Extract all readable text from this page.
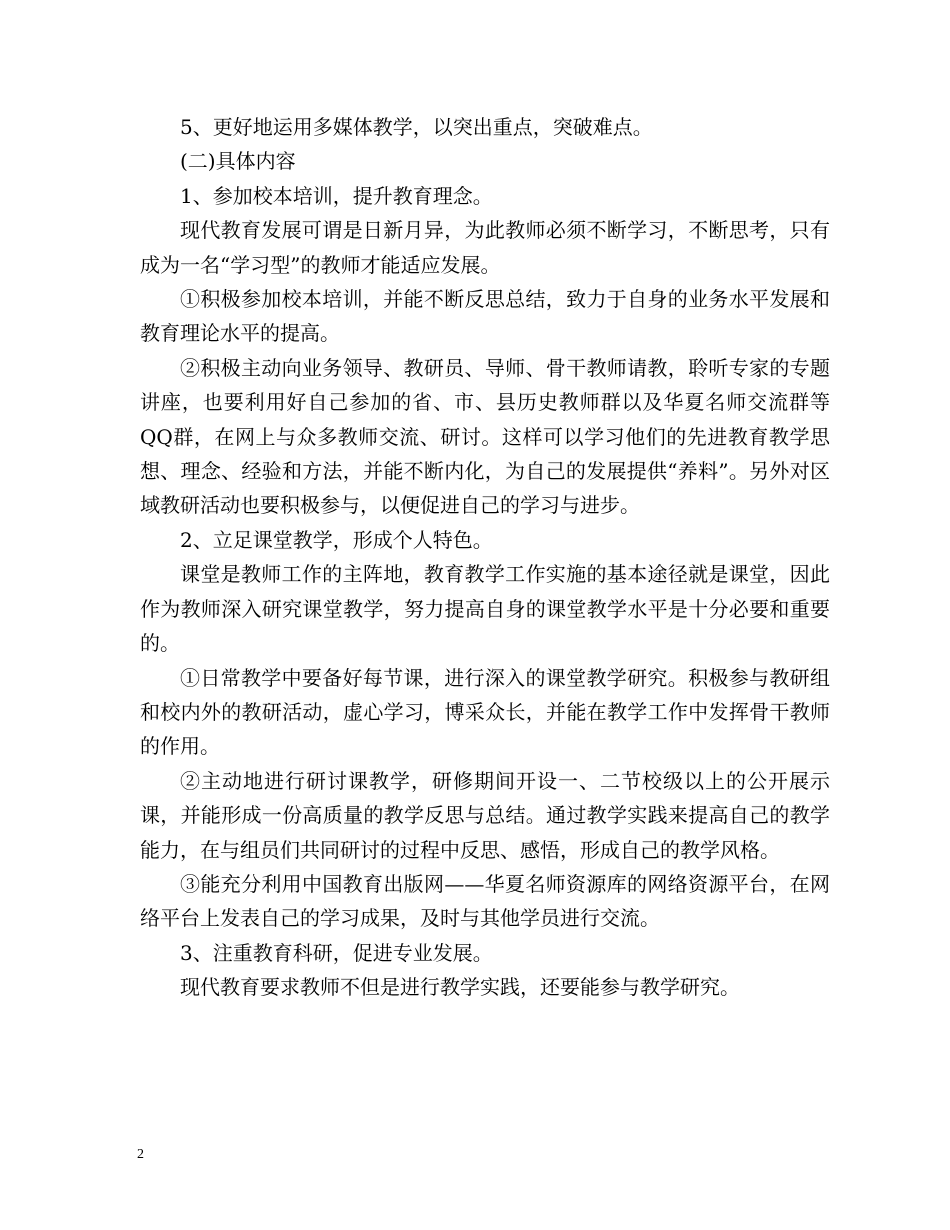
5、更好地运用多媒体教学，以突出重点，突破难点。

(二)具体内容

1、参加校本培训，提升教育理念。

现代教育发展可谓是日新月异，为此教师必须不断学习，不断思考，只有成为一名“学习型”的教师才能适应发展。

①积极参加校本培训，并能不断反思总结，致力于自身的业务水平发展和教育理论水平的提高。

②积极主动向业务领导、教研员、导师、骨干教师请教，聆听专家的专题讲座，也要利用好自己参加的省、市、县历史教师群以及华夏名师交流群等QQ群，在网上与众多教师交流、研讨。这样可以学习他们的先进教育教学思想、理念、经验和方法，并能不断内化，为自己的发展提供“养料”。另外对区域教研活动也要积极参与，以便促进自己的学习与进步。

2、立足课堂教学，形成个人特色。

课堂是教师工作的主阵地，教育教学工作实施的基本途径就是课堂，因此作为教师深入研究课堂教学，努力提高自身的课堂教学水平是十分必要和重要的。

①日常教学中要备好每节课，进行深入的课堂教学研究。积极参与教研组和校内外的教研活动，虚心学习，博采众长，并能在教学工作中发挥骨干教师的作用。

②主动地进行研讨课教学，研修期间开设一、二节校级以上的公开展示课，并能形成一份高质量的教学反思与总结。通过教学实践来提高自己的教学能力，在与组员们共同研讨的过程中反思、感悟，形成自己的教学风格。

③能充分利用中国教育出版网——华夏名师资源库的网络资源平台，在网络平台上发表自己的学习成果，及时与其他学员进行交流。

3、注重教育科研，促进专业发展。

现代教育要求教师不但是进行教学实践，还要能参与教学研究。

2
